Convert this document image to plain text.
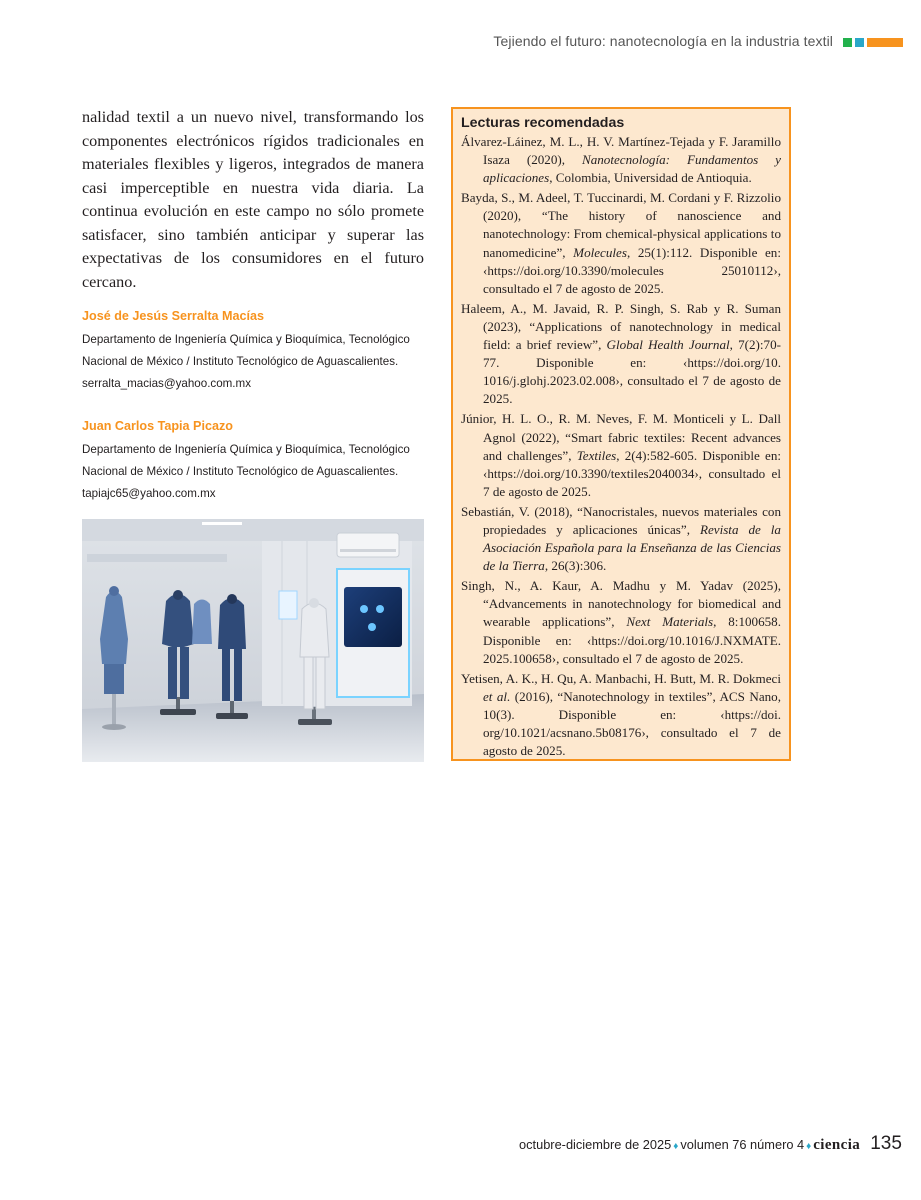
Tejiendo el futuro: nanotecnología en la industria textil

nalidad textil a un nuevo nivel, transformando los componentes electrónicos rígidos tradicionales en materiales flexibles y ligeros, integrados de manera casi imperceptible en nuestra vida diaria. La continua evolución en este campo no sólo promete satisfacer, sino también anticipar y superar las expectativas de los consumidores en el futuro cercano.

José de Jesús Serralta Macías

Departamento de Ingeniería Química y Bioquímica, Tecnológico Nacional de México / Instituto Tecnológico de Aguascalientes.
serralta_macias@yahoo.com.mx

Juan Carlos Tapia Picazo

Departamento de Ingeniería Química y Bioquímica, Tecnológico Nacional de México / Instituto Tecnológico de Aguascalientes.
tapiajc65@yahoo.com.mx

Lecturas recomendadas

Álvarez-Láinez, M. L., H. V. Martínez-Tejada y F. Jaramillo Isaza (2020), Nanotecnología: Fundamentos y aplicaciones, Colombia, Universidad de Antioquia.

Bayda, S., M. Adeel, T. Tuccinardi, M. Cordani y F. Rizzolio (2020), “The history of nanoscience and nanotechnology: From chemical-physical applications to nanomedicine”, Molecules, 25(1):112. Disponible en: ‹https://doi.org/10.3390/molecules 25010112›, consultado el 7 de agosto de 2025.

Haleem, A., M. Javaid, R. P. Singh, S. Rab y R. Suman (2023), “Applications of nanotechnology in medical field: a brief review”, Global Health Journal, 7(2):70-77. Disponible en: ‹https://doi.org/10. 1016/j.glohj.2023.02.008›, consultado el 7 de agosto de 2025.

Júnior, H. L. O., R. M. Neves, F. M. Monticeli y L. Dall Agnol (2022), “Smart fabric textiles: Recent advances and challenges”, Textiles, 2(4):582-605. Disponible en: ‹https://doi.org/10.3390/textiles2040034›, consultado el 7 de agosto de 2025.

Sebastián, V. (2018), “Nanocristales, nuevos materiales con propiedades y aplicaciones únicas”, Revista de la Asociación Española para la Enseñanza de las Ciencias de la Tierra, 26(3):306.

Singh, N., A. Kaur, A. Madhu y M. Yadav (2025), “Advancements in nanotechnology for biomedical and wearable applications”, Next Materials, 8:100658. Disponible en: ‹https://doi.org/10.1016/J.NXMATE. 2025.100658›, consultado el 7 de agosto de 2025.

Yetisen, A. K., H. Qu, A. Manbachi, H. Butt, M. R. Dokmeci et al. (2016), “Nanotechnology in textiles”, ACS Nano, 10(3). Disponible en: ‹https://doi. org/10.1021/acsnano.5b08176›, consultado el 7 de agosto de 2025.

octubre-diciembre de 2025 ♦ volumen 76 número 4 ♦ ciencia 135
